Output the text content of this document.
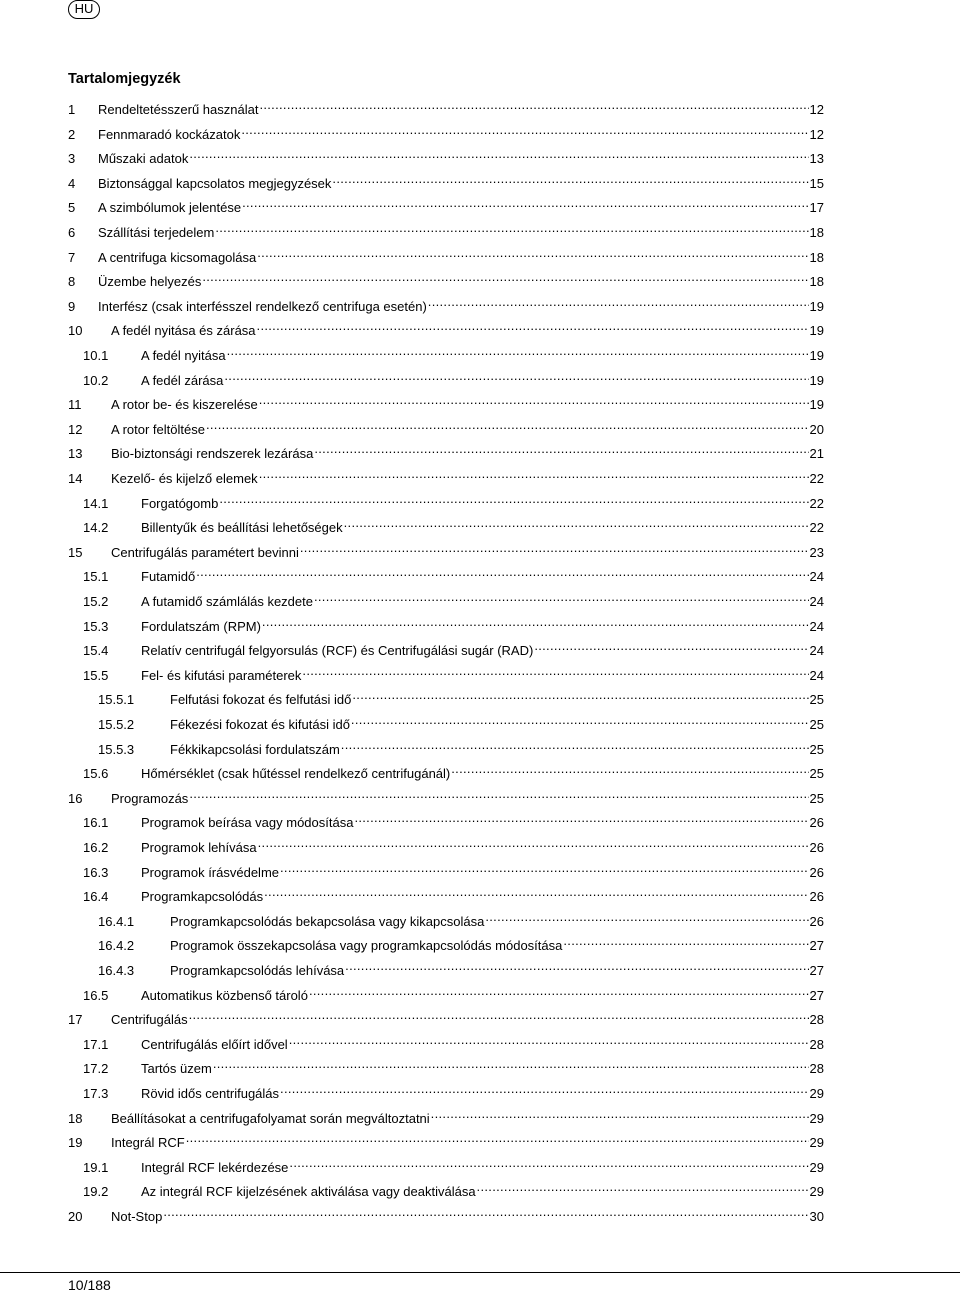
HU
Tartalomjegyzék
1	Rendeltetésszerű használat .....	12
2	Fennmaradó kockázatok .....	12
3	Műszaki adatok .....	13
4	Biztonsággal kapcsolatos megjegyzések .....	15
5	A szimbólumok jelentése .....	17
6	Szállítási terjedelem .....	18
7	A centrifuga kicsomagolása .....	18
8	Üzembe helyezés .....	18
9	Interfész (csak interfésszel rendelkező centrifuga esetén) .....	19
10	A fedél nyitása és zárása .....	19
10.1	A fedél nyitása .....	19
10.2	A fedél zárása .....	19
11	A rotor be- és kiszerelése .....	19
12	A rotor feltöltése .....	20
13	Bio-biztonsági rendszerek lezárása .....	21
14	Kezelő- és kijelző elemek .....	22
14.1	Forgatógomb .....	22
14.2	Billentyűk és beállítási lehetőségek .....	22
15	Centrifugálás paramétert bevinni .....	23
15.1	Futamidő .....	24
15.2	A futamidő számlálás kezdete .....	24
15.3	Fordulatszám (RPM) .....	24
15.4	Relatív centrifugál felgyorsulás (RCF) és Centrifugálási sugár (RAD) .....	24
15.5	Fel- és kifutási paraméterek .....	24
15.5.1	Felfutási fokozat és felfutási idő .....	25
15.5.2	Fékezési fokozat és kifutási idő .....	25
15.5.3	Fékkikapcsolási fordulatszám .....	25
15.6	Hőmérséklet (csak hűtéssel rendelkező centrifugánál) .....	25
16	Programozás .....	25
16.1	Programok beírása vagy módosítása .....	26
16.2	Programok lehívása .....	26
16.3	Programok írásvédelme .....	26
16.4	Programkapcsolódás .....	26
16.4.1	Programkapcsolódás bekapcsolása vagy kikapcsolása .....	26
16.4.2	Programok összekapcsolása vagy programkapcsolódás módosítása .....	27
16.4.3	Programkapcsolódás lehívása .....	27
16.5	Automatikus közbenső tároló .....	27
17	Centrifugálás .....	28
17.1	Centrifugálás előírt idővel .....	28
17.2	Tartós üzem .....	28
17.3	Rövid idős centrifugálás .....	29
18	Beállításokat a centrifugafolyamat során megváltoztatni .....	29
19	Integrál RCF .....	29
19.1	Integrál RCF lekérdezése .....	29
19.2	Az integrál RCF kijelzésének aktiválása vagy deaktiválása .....	29
20	Not-Stop .....	30
10/188
